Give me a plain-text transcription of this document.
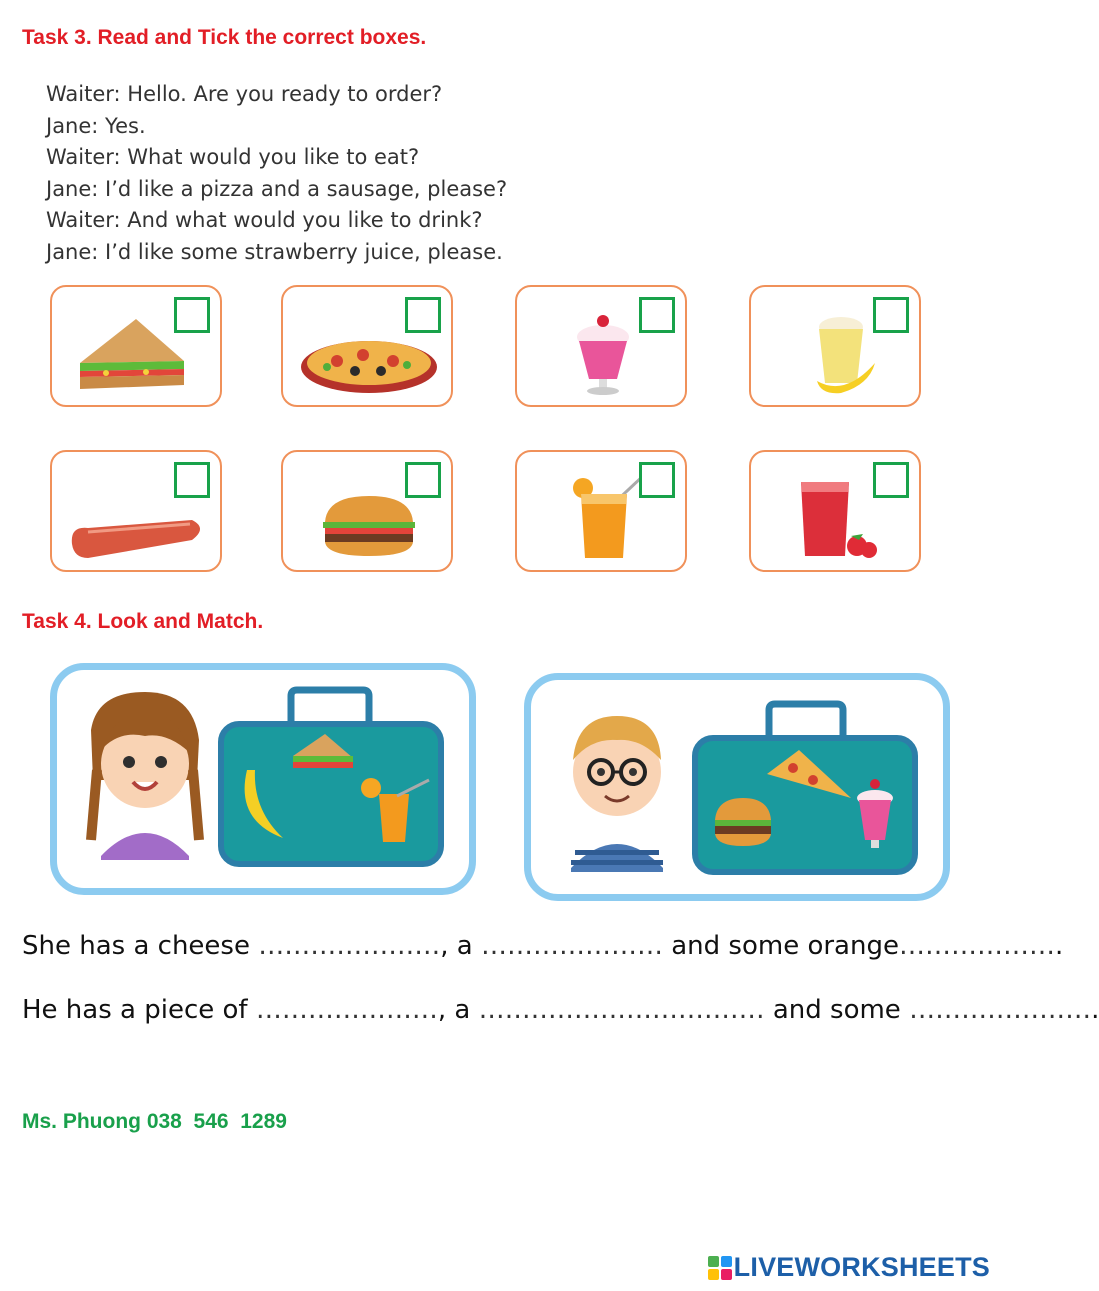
Task 3. Read and Tick the correct boxes.
Waiter: Hello. Are you ready to order?
Jane: Yes.
Waiter: What would you like to eat?
Jane: I’d like a pizza and a sausage, please?
Waiter: And what would you like to drink?
Jane: I’d like some strawberry juice, please.
Task 4. Look and Match.
She has a cheese …………………, a ………………… and some orange……………….
He has a piece of …………………, a …………………………… and some ………………….
Ms. Phuong 038  546  1289
LIVEWORKSHEETS
